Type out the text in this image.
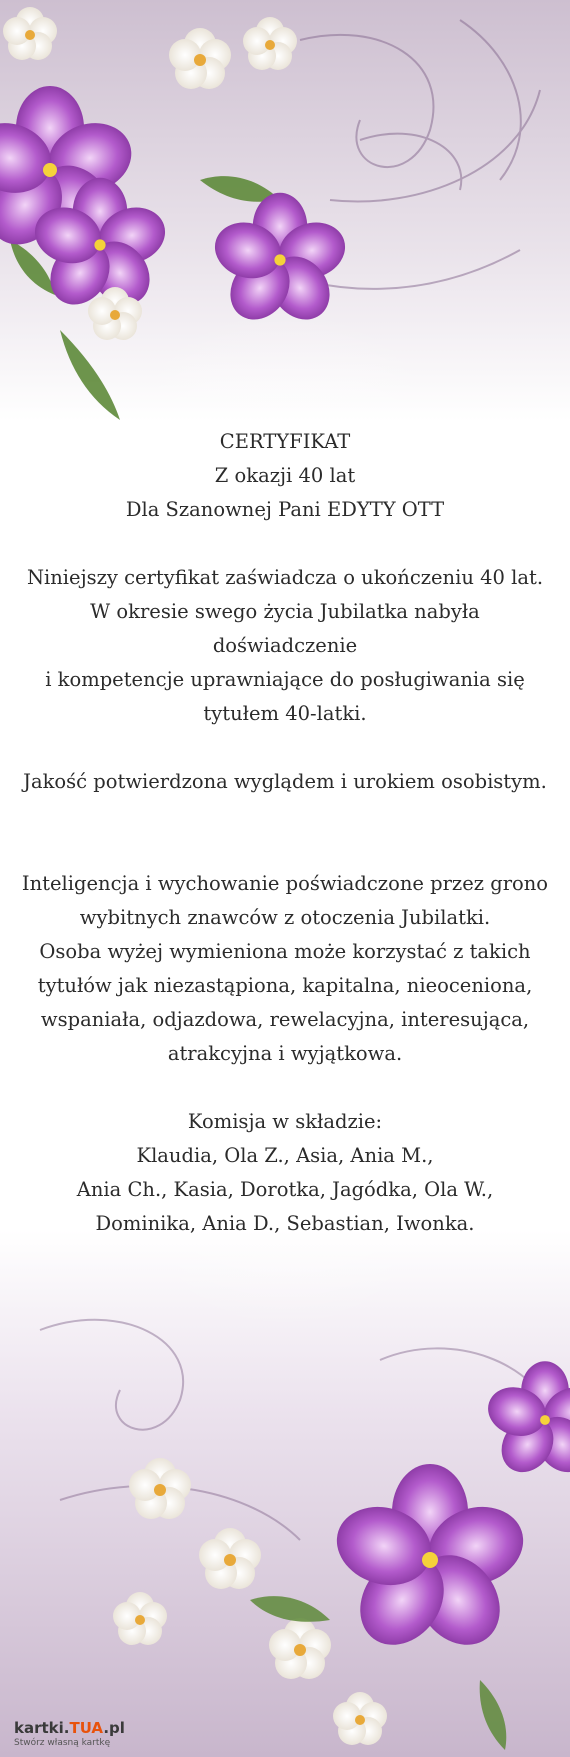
CERTYFIKAT

Z okazji 40 lat

Dla Szanownej Pani EDYTY OTT

Niniejszy certyfikat zaświadcza o ukończeniu 40 lat.

W okresie swego życia Jubilatka nabyła

doświadczenie

i kompetencje uprawniające do posługiwania się

tytułem 40-latki.

Jakość potwierdzona wyglądem i urokiem osobistym.

Inteligencja i wychowanie poświadczone przez grono

wybitnych znawców z otoczenia Jubilatki.

Osoba wyżej wymieniona może korzystać z takich

tytułów jak niezastąpiona, kapitalna, nieoceniona,

wspaniała, odjazdowa, rewelacyjna, interesująca,

atrakcyjna i wyjątkowa.

Komisja w składzie:

Klaudia, Ola Z., Asia, Ania M.,

Ania Ch., Kasia, Dorotka, Jagódka, Ola W.,

Dominika, Ania D., Sebastian, Iwonka.

kartki.TUA.pl
Stwórz własną kartkę
